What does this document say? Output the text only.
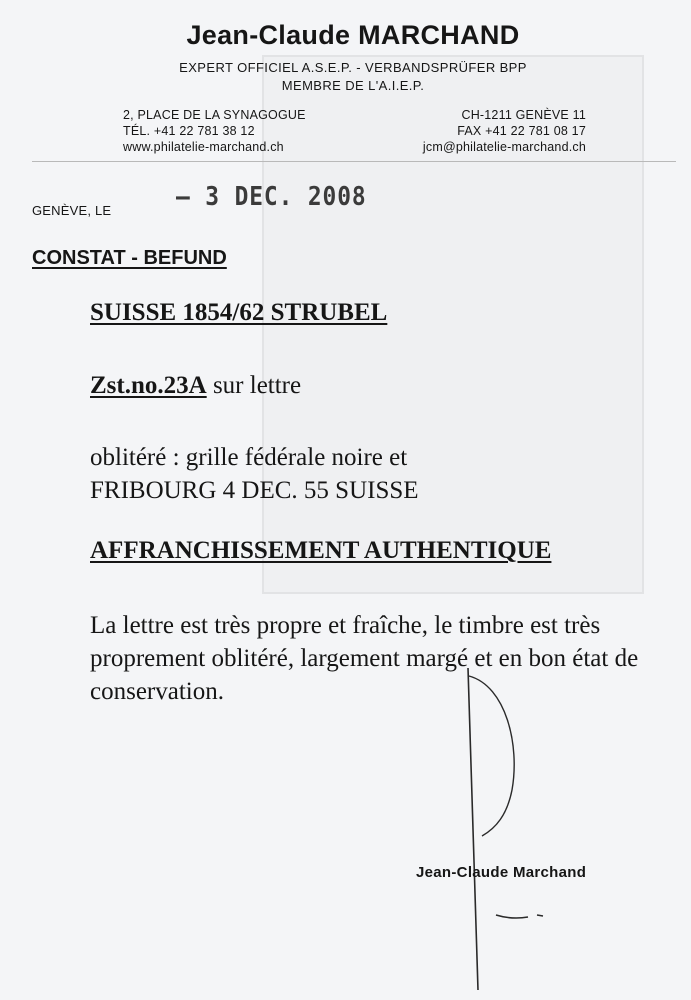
Jean-Claude MARCHAND
EXPERT OFFICIEL A.S.E.P. - VERBANDSPRÜFER BPP
MEMBRE DE L'A.I.E.P.
2, PLACE DE LA SYNAGOGUE
TÉL. +41 22 781 38 12
www.philatelie-marchand.ch
CH-1211 GENÈVE 11
FAX +41 22 781 08 17
jcm@philatelie-marchand.ch
GENÈVE, LE – 3 DEC. 2008
CONSTAT - BEFUND
SUISSE 1854/62 STRUBEL
Zst.no.23A sur lettre
oblitéré : grille fédérale noire et
FRIBOURG 4 DEC. 55 SUISSE
AFFRANCHISSEMENT AUTHENTIQUE
La lettre est très propre et fraîche, le timbre est très proprement oblitéré, largement margé et en bon état de conservation.
Jean-Claude Marchand
